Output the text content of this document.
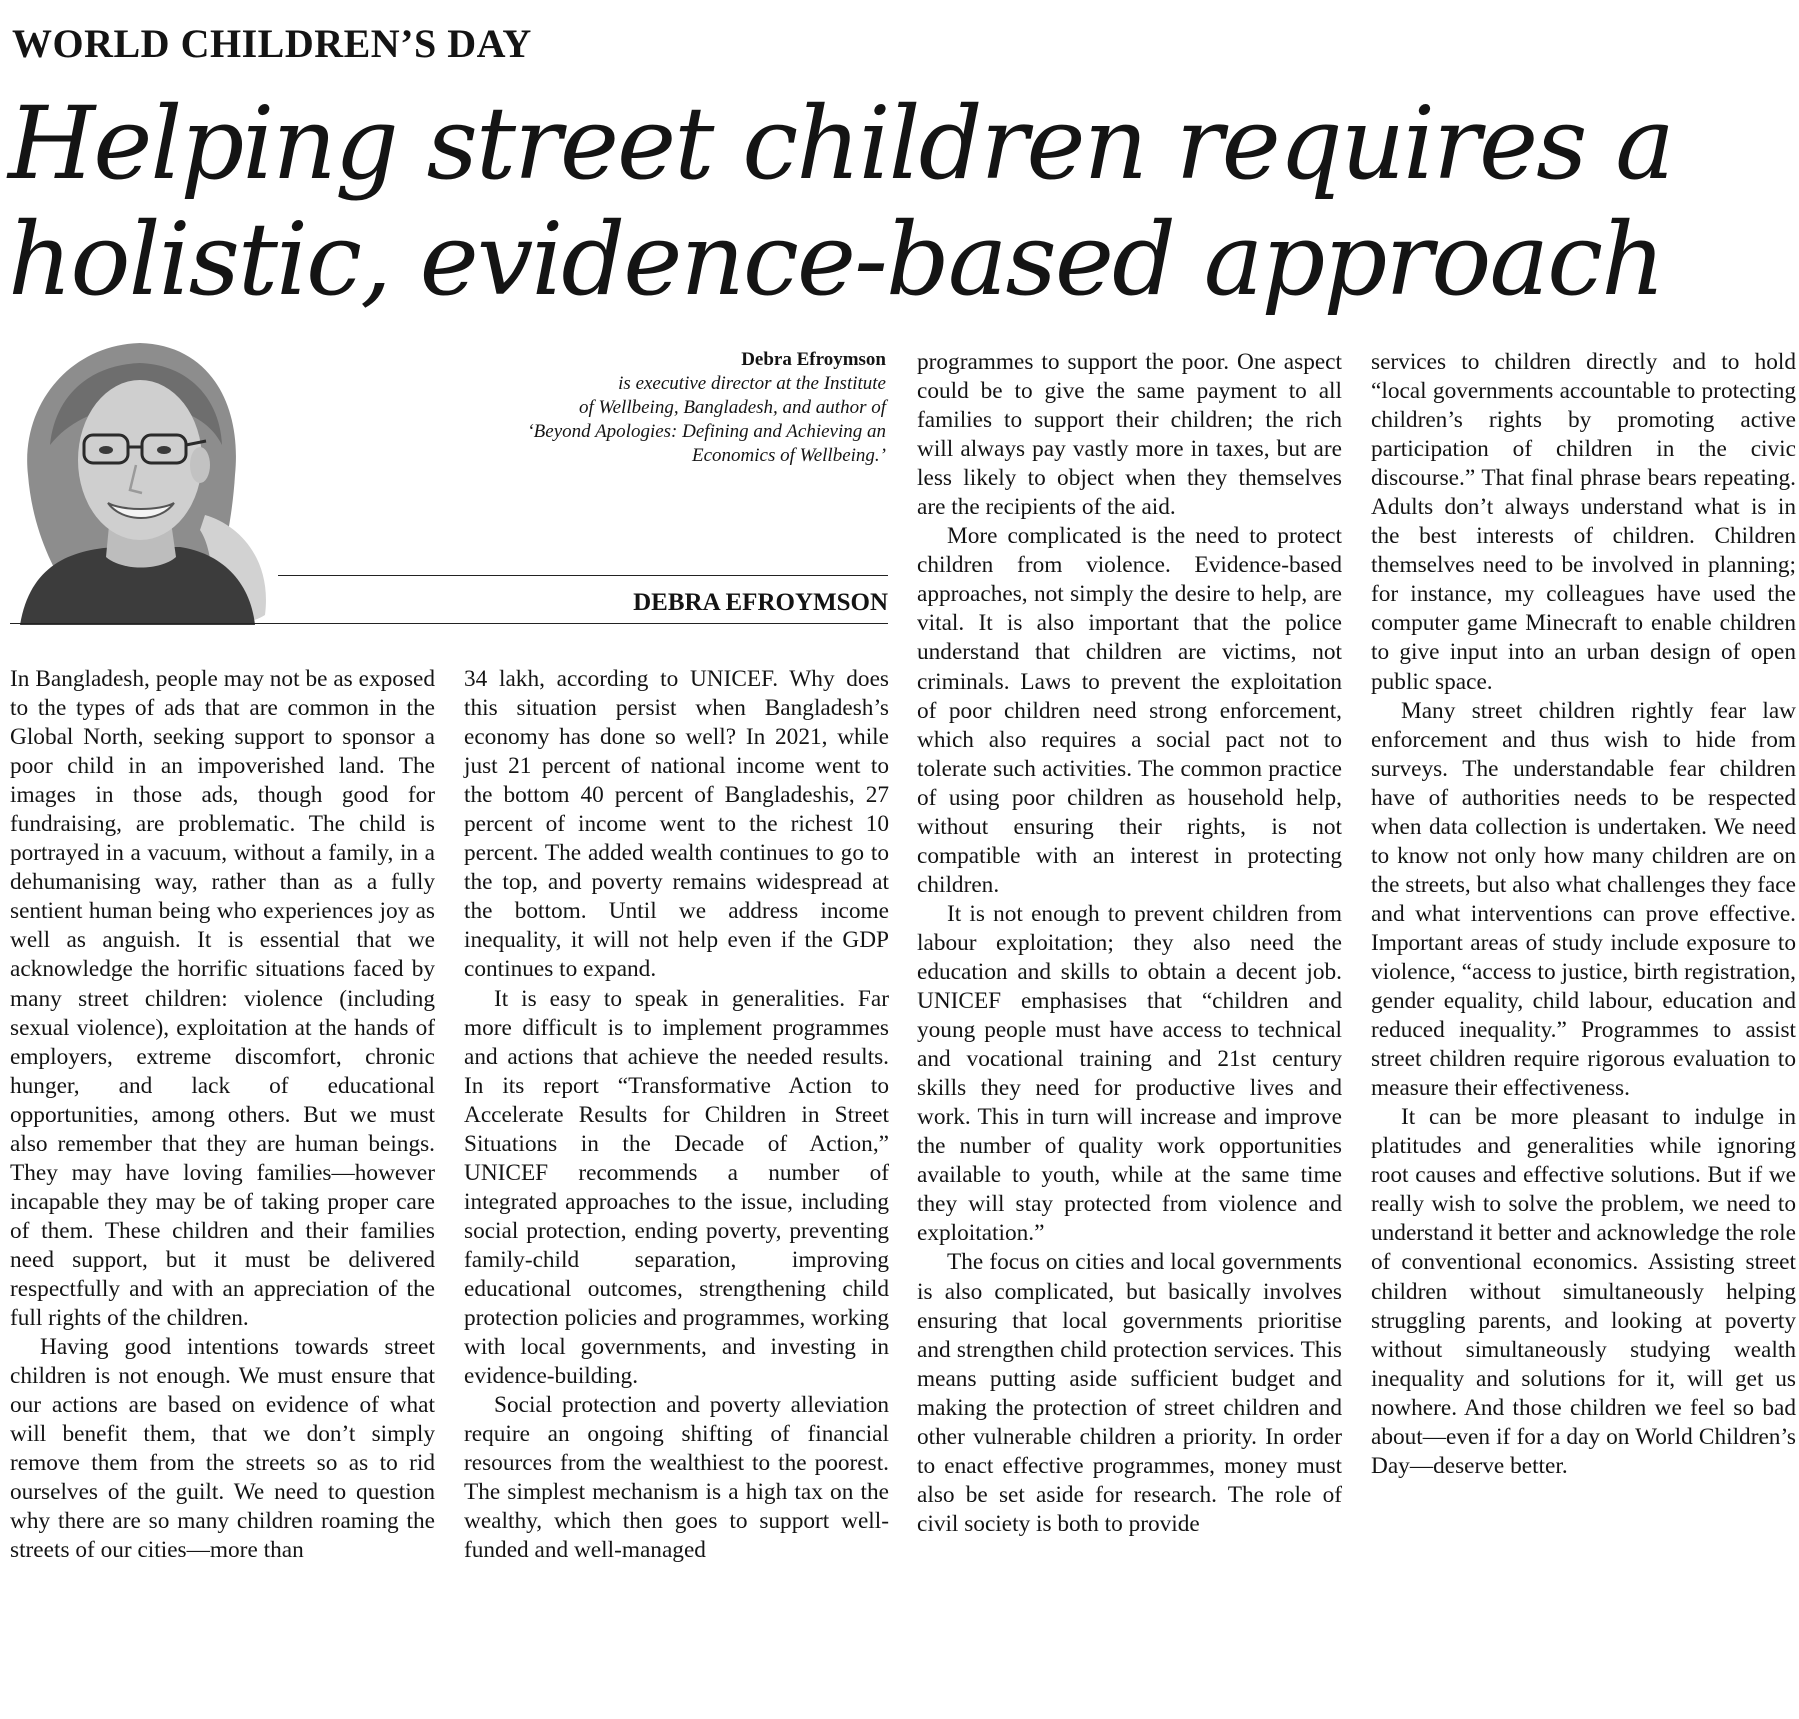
WORLD CHILDREN’S DAY
Helping street children requires a
holistic, evidence-based approach
Debra Efroymson
is executive director at the Institute
of Wellbeing, Bangladesh, and author of
‘Beyond Apologies: Defining and Achieving an
Economics of Wellbeing.’
DEBRA EFROYMSON

In Bangladesh, people may not be as exposed to the types of ads that are common in the Global North, seeking support to sponsor a poor child in an impoverished land. The images in those ads, though good for fundraising, are problematic. The child is portrayed in a vacuum, without a family, in a dehumanising way, rather than as a fully sentient human being who experiences joy as well as anguish. It is essential that we acknowledge the horrific situations faced by many street children: violence (including sexual violence), exploitation at the hands of employers, extreme discomfort, chronic hunger, and lack of educational opportunities, among others. But we must also remember that they are human beings. They may have loving families—however incapable they may be of taking proper care of them. These children and their families need support, but it must be delivered respectfully and with an appreciation of the full rights of the children.

Having good intentions towards street children is not enough. We must ensure that our actions are based on evidence of what will benefit them, that we don’t simply remove them from the streets so as to rid ourselves of the guilt. We need to question why there are so many children roaming the streets of our cities—more than

34 lakh, according to UNICEF. Why does this situation persist when Bangladesh’s economy has done so well? In 2021, while just 21 percent of national income went to the bottom 40 percent of Bangladeshis, 27 percent of income went to the richest 10 percent. The added wealth continues to go to the top, and poverty remains widespread at the bottom. Until we address income inequality, it will not help even if the GDP continues to expand.

It is easy to speak in generalities. Far more difficult is to implement programmes and actions that achieve the needed results. In its report “Transformative Action to Accelerate Results for Children in Street Situations in the Decade of Action,” UNICEF recommends a number of integrated approaches to the issue, including social protection, ending poverty, preventing family-child separation, improving educational outcomes, strengthening child protection policies and programmes, working with local governments, and investing in evidence-building.

Social protection and poverty alleviation require an ongoing shifting of financial resources from the wealthiest to the poorest. The simplest mechanism is a high tax on the wealthy, which then goes to support well-funded and well-managed

programmes to support the poor. One aspect could be to give the same payment to all families to support their children; the rich will always pay vastly more in taxes, but are less likely to object when they themselves are the recipients of the aid.

More complicated is the need to protect children from violence. Evidence-based approaches, not simply the desire to help, are vital. It is also important that the police understand that children are victims, not criminals. Laws to prevent the exploitation of poor children need strong enforcement, which also requires a social pact not to tolerate such activities. The common practice of using poor children as household help, without ensuring their rights, is not compatible with an interest in protecting children.

It is not enough to prevent children from labour exploitation; they also need the education and skills to obtain a decent job. UNICEF emphasises that “children and young people must have access to technical and vocational training and 21st century skills they need for productive lives and work. This in turn will increase and improve the number of quality work opportunities available to youth, while at the same time they will stay protected from violence and exploitation.”

The focus on cities and local governments is also complicated, but basically involves ensuring that local governments prioritise and strengthen child protection services. This means putting aside sufficient budget and making the protection of street children and other vulnerable children a priority. In order to enact effective programmes, money must also be set aside for research. The role of civil society is both to provide

services to children directly and to hold “local governments accountable to protecting children’s rights by promoting active participation of children in the civic discourse.” That final phrase bears repeating. Adults don’t always understand what is in the best interests of children. Children themselves need to be involved in planning; for instance, my colleagues have used the computer game Minecraft to enable children to give input into an urban design of open public space.

Many street children rightly fear law enforcement and thus wish to hide from surveys. The understandable fear children have of authorities needs to be respected when data collection is undertaken. We need to know not only how many children are on the streets, but also what challenges they face and what interventions can prove effective. Important areas of study include exposure to violence, “access to justice, birth registration, gender equality, child labour, education and reduced inequality.” Programmes to assist street children require rigorous evaluation to measure their effectiveness.

It can be more pleasant to indulge in platitudes and generalities while ignoring root causes and effective solutions. But if we really wish to solve the problem, we need to understand it better and acknowledge the role of conventional economics. Assisting street children without simultaneously helping struggling parents, and looking at poverty without simultaneously studying wealth inequality and solutions for it, will get us nowhere. And those children we feel so bad about—even if for a day on World Children’s Day—deserve better.
